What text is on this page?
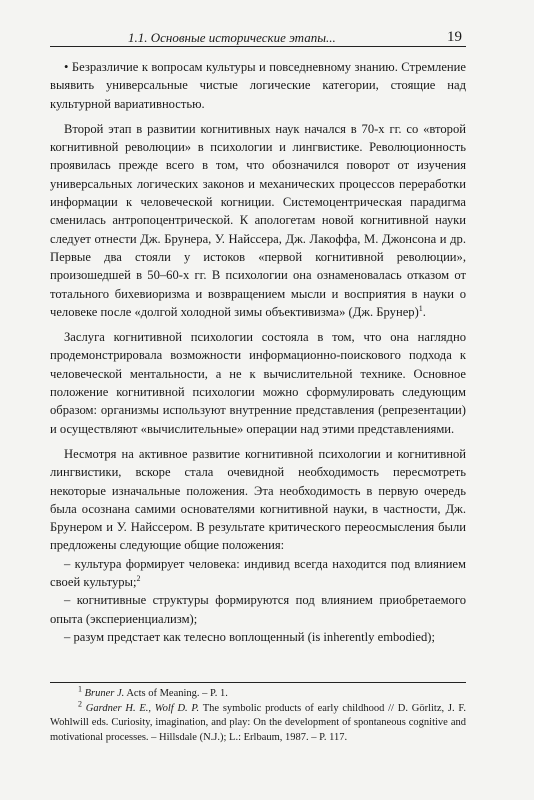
1.1. Основные исторические этапы...	19

• Безразличие к вопросам культуры и повседневному знанию. Стремление выявить универсальные чистые логические категории, стоящие над культурной вариативностью.

Второй этап в развитии когнитивных наук начался в 70-х гг. со «второй когнитивной революции» в психологии и лингвистике. Революционность проявилась прежде всего в том, что обозначился поворот от изучения универсальных логических законов и механических процессов переработки информации к человеческой когниции. Системоцентрическая парадигма сменилась антропоцентрической. К апологетам новой когнитивной науки следует отнести Дж. Брунера, У. Найссера, Дж. Лакоффа, М. Джонсона и др. Первые два стояли у истоков «первой когнитивной революции», произошедшей в 50–60-х гг. В психологии она ознаменовалась отказом от тотального бихевиоризма и возвращением мысли и восприятия в науки о человеке после «долгой холодной зимы объективизма» (Дж. Брунер)$^1$.

Заслуга когнитивной психологии состояла в том, что она наглядно продемонстрировала возможности информационно-поискового подхода к человеческой ментальности, а не к вычислительной технике. Основное положение когнитивной психологии можно сформулировать следующим образом: организмы используют внутренние представления (репрезентации) и осуществляют «вычислительные» операции над этими представлениями.

Несмотря на активное развитие когнитивной психологии и когнитивной лингвистики, вскоре стала очевидной необходимость пересмотреть некоторые изначальные положения. Эта необходимость в первую очередь была осознана самими основателями когнитивной науки, в частности, Дж. Брунером и У. Найссером. В результате критического переосмысления были предложены следующие общие положения:

– культура формирует человека: индивид всегда находится под влиянием своей культуры;$^2$

– когнитивные структуры формируются под влиянием приобретаемого опыта (экспериенциализм);

– разум предстает как телесно воплощенный (is inherently embodied);

$^1$ Bruner J. Acts of Meaning. – P. 1.

$^2$ Gardner H. E., Wolf D. P. The symbolic products of early childhood // D. Görlitz, J. F. Wohlwill eds. Curiosity, imagination, and play: On the development of spontaneous cognitive and motivational processes. – Hillsdale (N.J.); L.: Erlbaum, 1987. – P. 117.
